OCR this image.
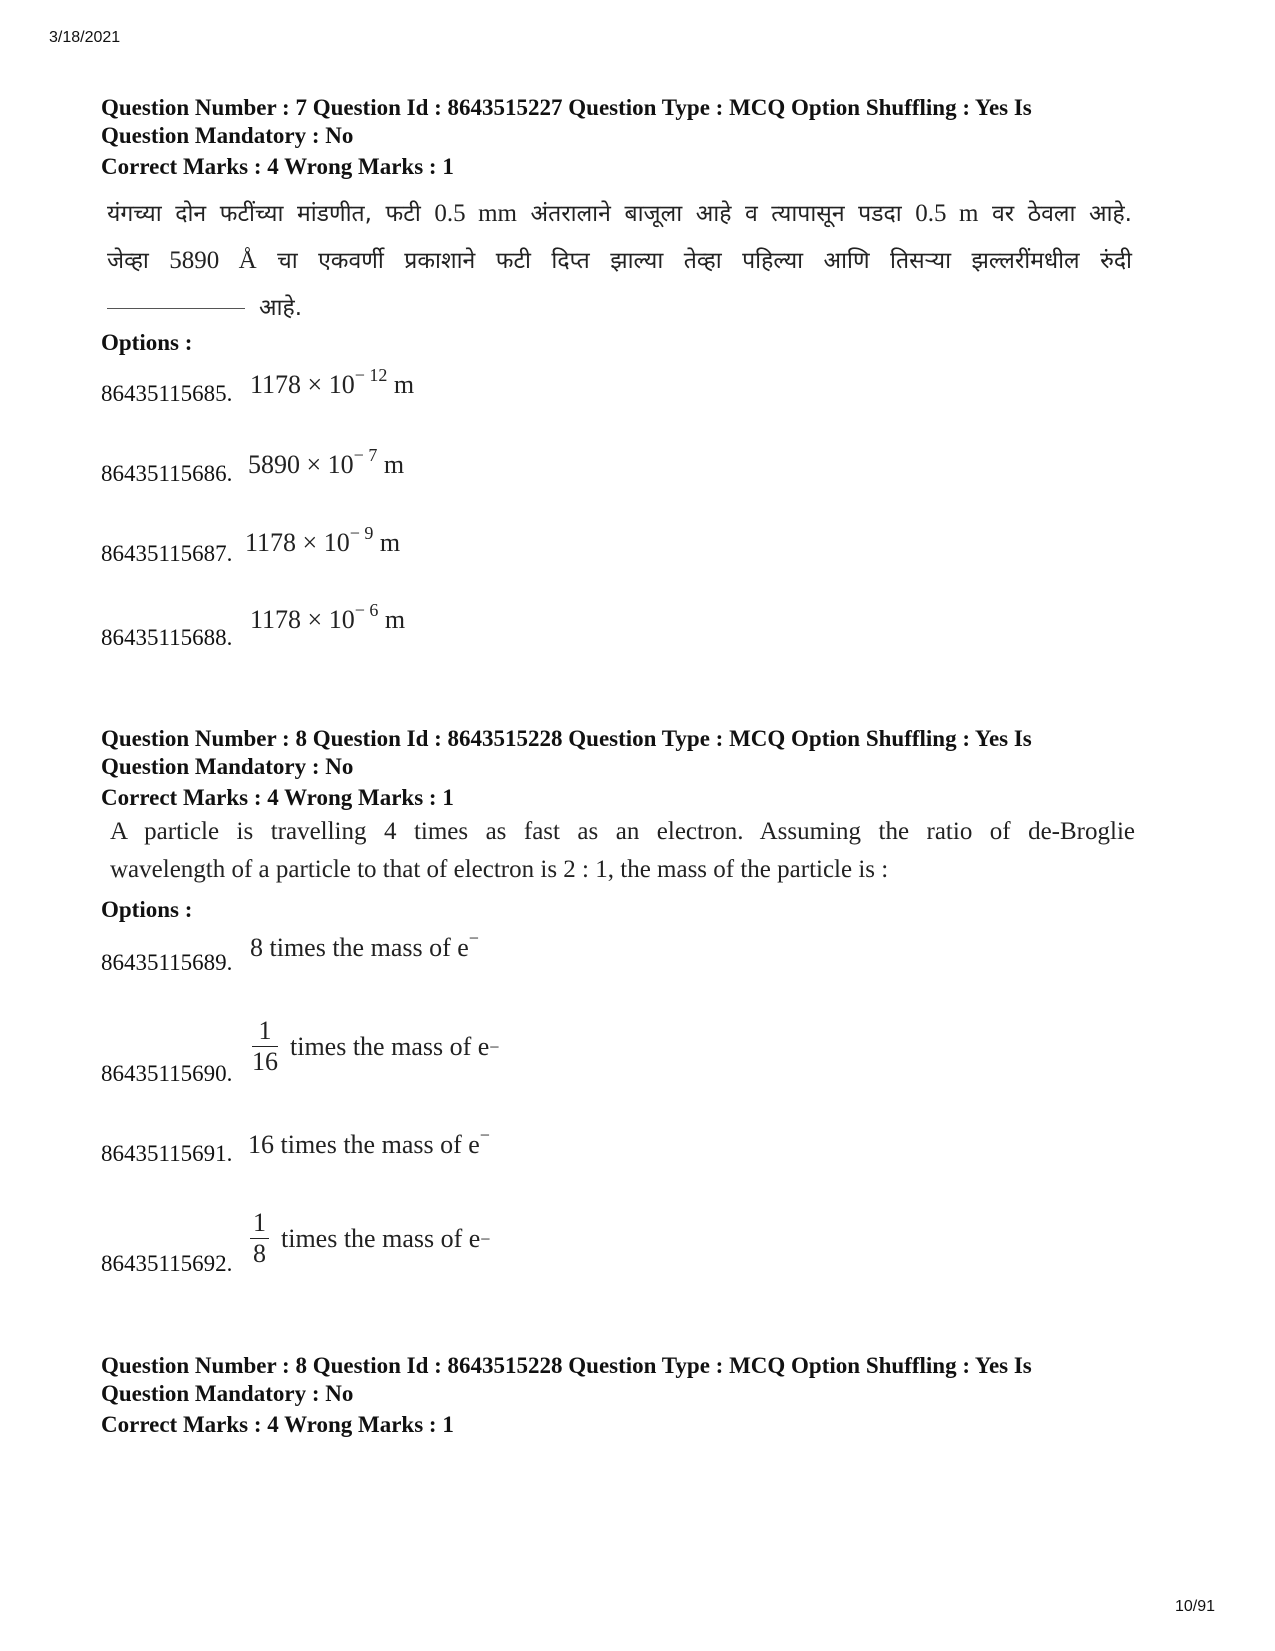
3/18/2021
10/91
Question Number : 7 Question Id : 8643515227 Question Type : MCQ Option Shuffling : Yes Is
Question Mandatory : No
Correct Marks : 4 Wrong Marks : 1
यंगच्या दोन फटींच्या मांडणीत, फटी 0.5 mm अंतरालाने बाजूला आहे व त्यापासून पडदा 0.5 m वर ठेवला आहे.
जेव्हा 5890 Å चा एकवर्णी प्रकाशाने फटी दिप्त झाल्या तेव्हा पहिल्या आणि तिसऱ्या झल्लरींमधील रुंदी
आहे.
Options :
86435115685. $1178 \times 10^{- 12}$ m
86435115686. $5890 \times 10^{- 7}$ m
86435115687. $1178 \times 10^{- 9}$ m
86435115688.
$1178 \times 10^{- 6}$ m
Question Number : 8 Question Id : 8643515228 Question Type : MCQ Option Shuffling : Yes Is
Question Mandatory : No
Correct Marks : 4 Wrong Marks : 1
A particle is travelling 4 times as fast as an electron. Assuming the ratio of de-Broglie
wavelength of a particle to that of electron is 2 : 1, the mass of the particle is :
Options :
86435115689.
8 times the mass of e−
86435115690. $\frac{1}{16}$ times the mass of e −
86435115691. 16 times the mass of e−
86435115692. $\frac{1}{8}$ times the mass of e −
Question Number : 8 Question Id : 8643515228 Question Type : MCQ Option Shuffling : Yes Is
Question Mandatory : No
Correct Marks : 4 Wrong Marks : 1
